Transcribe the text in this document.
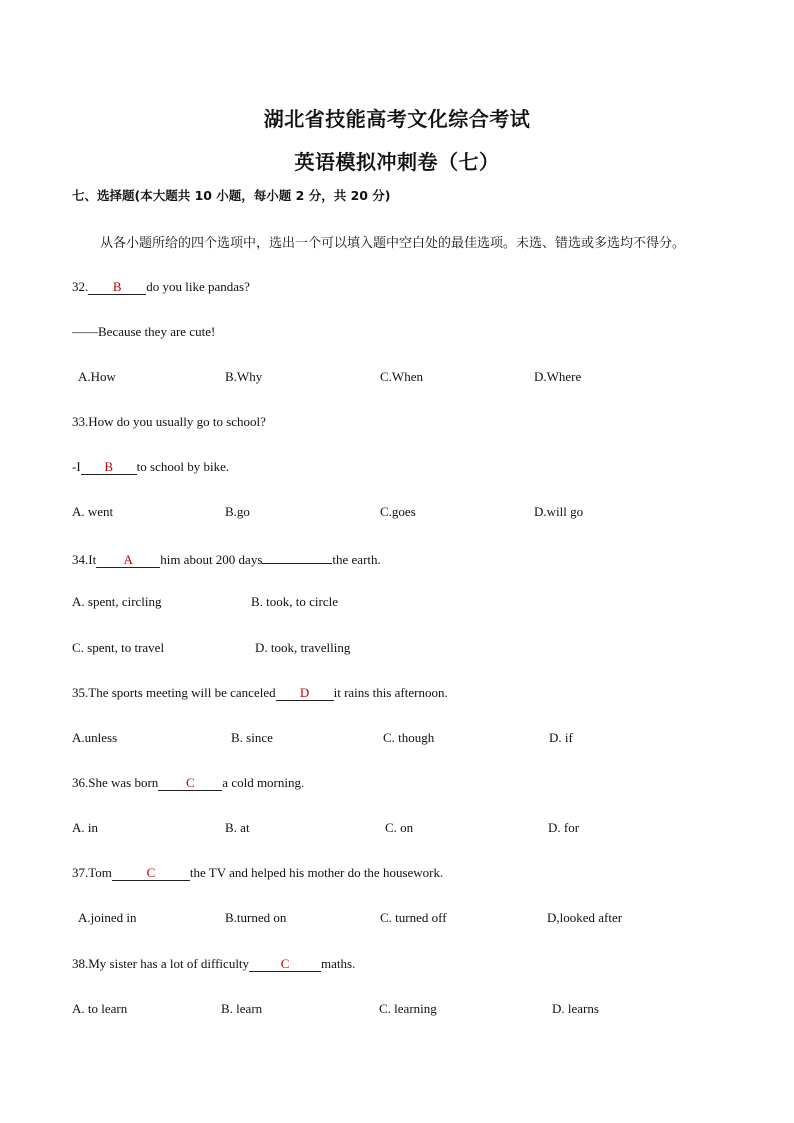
湖北省技能高考文化综合考试
英语模拟冲刺卷（七）
七、选择题(本大题共 10 小题，每小题 2 分，共 20 分)
从各小题所给的四个选项中，选出一个可以填入题中空白处的最佳选项。未选、错选或多选均不得分。
32. B do you like pandas?
——Because they are cute!
A.How	B.Why	C.When	D.Where
33.How do you usually go to school?
-I B to school by bike.
A. went	B.go	C.goes	D.will go
34.It A him about 200 days	the earth.
A. spent, circling	B. took, to circle
C. spent, to travel	D. took, travelling
35.The sports meeting will be canceled D it rains this afternoon.
A.unless	B. since	C. though	D. if
36.She was born C a cold morning.
A. in	B. at	C. on	D. for
37.Tom	C	the TV and helped his mother do the housework.
A.joined in	B.turned on	C. turned off	D,looked after
38.My sister has a lot of difficulty C maths.
A. to learn	B. learn	C. learning	D. learns
